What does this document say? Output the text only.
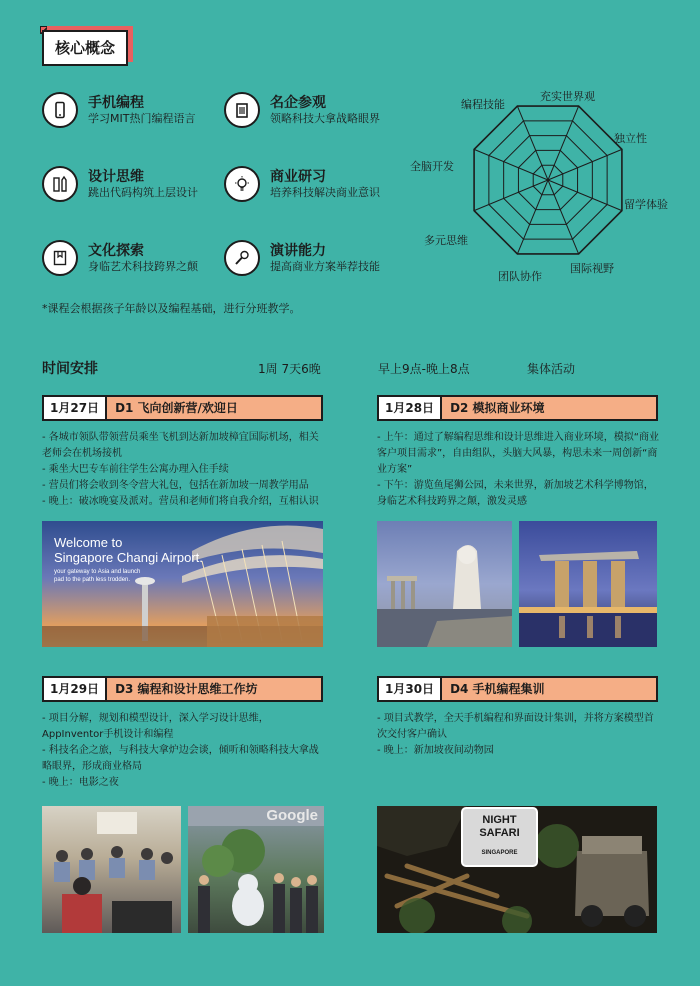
核心概念
手机编程
学习MIT热门编程语言
名企参观
领略科技大拿战略眼界
设计思维
跳出代码构筑上层设计
商业研习
培养科技解决商业意识
文化探索
身临艺术科技跨界之颠
演讲能力
提高商业方案举荐技能
*课程会根据孩子年龄以及编程基础，进行分班教学。
编程技能
充实世界观
独立性
留学体验
国际视野
团队协作
多元思维
全脑开发
时间安排	1周 7天6晚	早上9点-晚上8点	集体活动
1月27日	D1 飞向创新营/欢迎日
- 各城市领队带领营员乘坐飞机到达新加坡樟宜国际机场，相关老师会在机场接机
- 乘坐大巴专车前往学生公寓办理入住手续
- 营员们将会收到冬令营大礼包，包括在新加坡一周教学用品
- 晚上：破冰晚宴及派对。营员和老师们将自我介绍，互相认识
Welcome to
Singapore Changi Airport.
your gateway to Asia and launch
pad to the path less trodden.
1月28日	D2 模拟商业环境
- 上午：通过了解编程思维和设计思维进入商业环境，模拟“商业客户项目需求”，自由组队，头脑大风暴，构思未来一周创新“商业方案”
- 下午：游览鱼尾狮公园，未来世界，新加坡艺术科学博物馆，身临艺术科技跨界之颠，激发灵感
1月29日	D3 编程和设计思维工作坊
- 项目分解，规划和模型设计，深入学习设计思维，AppInventor手机设计和编程
- 科技名企之旅，与科技大拿炉边会谈，倾听和领略科技大拿战略眼界，形成商业格局
- 晚上：电影之夜
Google
1月30日	D4 手机编程集训
- 项目式教学，全天手机编程和界面设计集训，并将方案模型首次交付客户确认
- 晚上：新加坡夜间动物园
NIGHT
SAFARI
SINGAPORE
